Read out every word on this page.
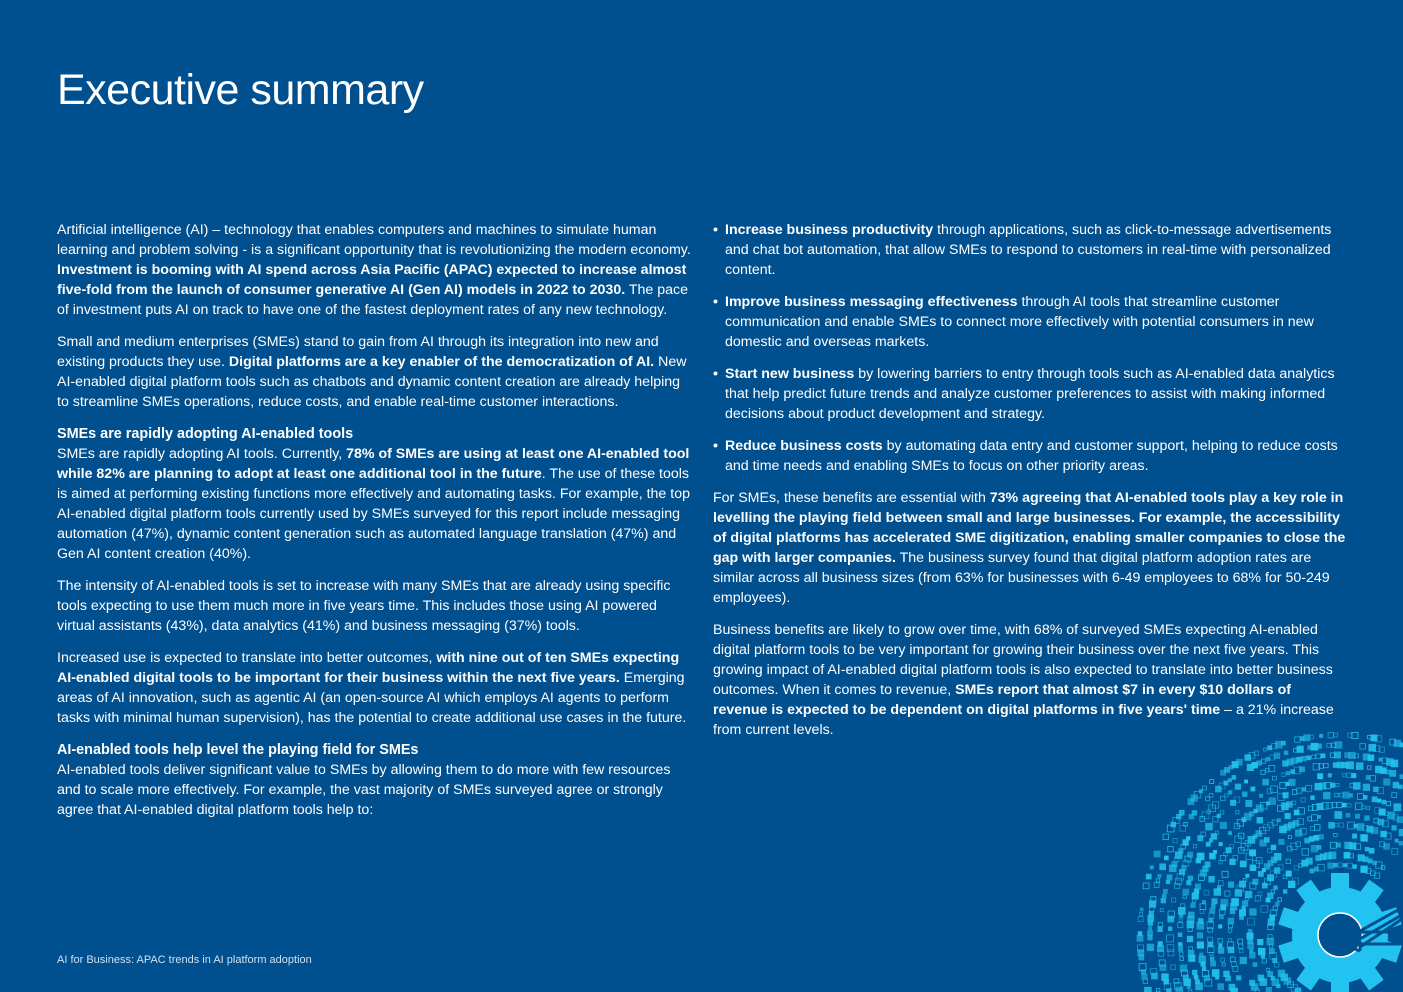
Executive summary

Artificial intelligence (AI) – technology that enables computers and machines to simulate human learning and problem solving - is a significant opportunity that is revolutionizing the modern economy. Investment is booming with AI spend across Asia Pacific (APAC) expected to increase almost five-fold from the launch of consumer generative AI (Gen AI) models in 2022 to 2030. The pace of investment puts AI on track to have one of the fastest deployment rates of any new technology.

Small and medium enterprises (SMEs) stand to gain from AI through its integration into new and existing products they use. Digital platforms are a key enabler of the democratization of AI. New AI-enabled digital platform tools such as chatbots and dynamic content creation are already helping to streamline SMEs operations, reduce costs, and enable real-time customer interactions.

SMEs are rapidly adopting AI-enabled tools

SMEs are rapidly adopting AI tools. Currently, 78% of SMEs are using at least one AI-enabled tool while 82% are planning to adopt at least one additional tool in the future. The use of these tools is aimed at performing existing functions more effectively and automating tasks. For example, the top AI-enabled digital platform tools currently used by SMEs surveyed for this report include messaging automation (47%), dynamic content generation such as automated language translation (47%) and Gen AI content creation (40%).

The intensity of AI-enabled tools is set to increase with many SMEs that are already using specific tools expecting to use them much more in five years time. This includes those using AI powered virtual assistants (43%), data analytics (41%) and business messaging (37%) tools.

Increased use is expected to translate into better outcomes, with nine out of ten SMEs expecting AI-enabled digital tools to be important for their business within the next five years. Emerging areas of AI innovation, such as agentic AI (an open-source AI which employs AI agents to perform tasks with minimal human supervision), has the potential to create additional use cases in the future.

AI-enabled tools help level the playing field for SMEs

AI-enabled tools deliver significant value to SMEs by allowing them to do more with few resources and to scale more effectively. For example, the vast majority of SMEs surveyed agree or strongly agree that AI-enabled digital platform tools help to:

• Increase business productivity through applications, such as click-to-message advertisements and chat bot automation, that allow SMEs to respond to customers in real-time with personalized content.
• Improve business messaging effectiveness through AI tools that streamline customer communication and enable SMEs to connect more effectively with potential consumers in new domestic and overseas markets.
• Start new business by lowering barriers to entry through tools such as AI-enabled data analytics that help predict future trends and analyze customer preferences to assist with making informed decisions about product development and strategy.
• Reduce business costs by automating data entry and customer support, helping to reduce costs and time needs and enabling SMEs to focus on other priority areas.

For SMEs, these benefits are essential with 73% agreeing that AI-enabled tools play a key role in levelling the playing field between small and large businesses. For example, the accessibility of digital platforms has accelerated SME digitization, enabling smaller companies to close the gap with larger companies. The business survey found that digital platform adoption rates are similar across all business sizes (from 63% for businesses with 6-49 employees to 68% for 50-249 employees).

Business benefits are likely to grow over time, with 68% of surveyed SMEs expecting AI-enabled digital platform tools to be very important for growing their business over the next five years. This growing impact of AI-enabled digital platform tools is also expected to translate into better business outcomes. When it comes to revenue, SMEs report that almost $7 in every $10 dollars of revenue is expected to be dependent on digital platforms in five years' time – a 21% increase from current levels.

AI for Business: APAC trends in AI platform adoption
